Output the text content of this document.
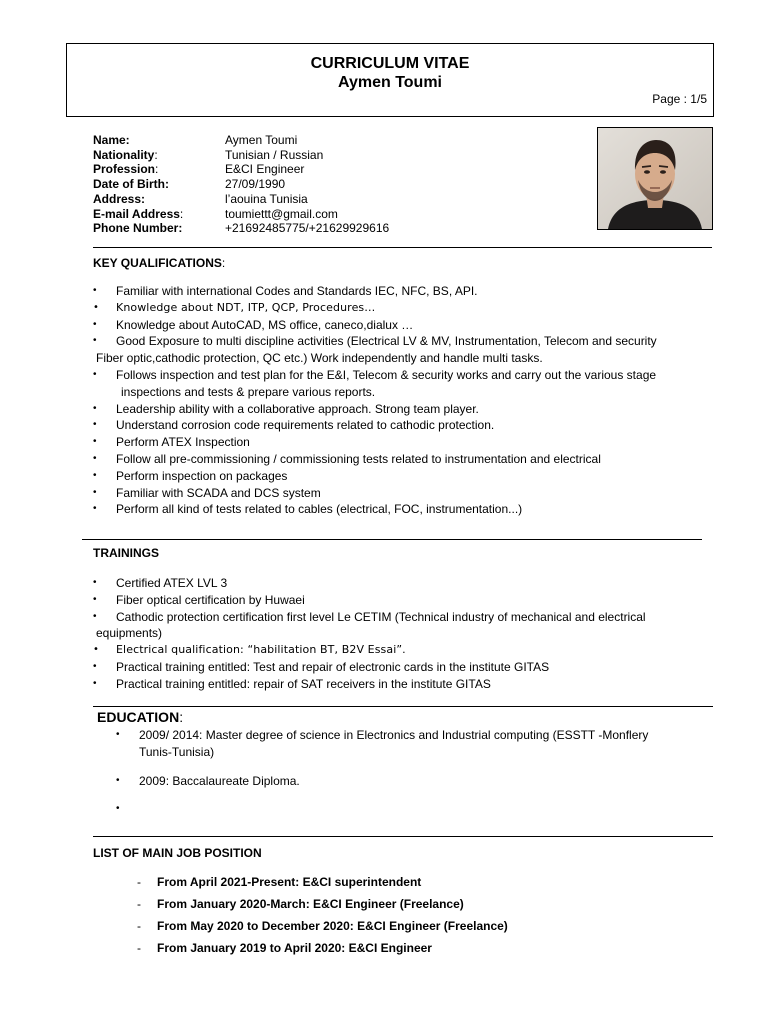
CURRICULUM VITAE
Aymen Toumi
Page : 1/5
Name:	Aymen Toumi
Nationality:	Tunisian / Russian
Profession:	E&CI Engineer
Date of Birth:	27/09/1990
Address:	l’aouina Tunisia
E-mail Address:	toumiettt@gmail.com
Phone Number:	+21692485775/+21629929616
KEY QUALIFICATIONS:
• Familiar with international Codes and Standards IEC, NFC, BS, API.
• Knowledge about NDT, ITP, QCP, Procedures…
• Knowledge about AutoCAD, MS office, caneco,dialux …
• Good Exposure to multi discipline activities (Electrical LV & MV, Instrumentation, Telecom and security
Fiber optic,cathodic protection, QC etc.) Work independently and handle multi tasks.
• Follows inspection and test plan for the E&I, Telecom & security works and carry out the various stage
inspections and tests & prepare various reports.
• Leadership ability with a collaborative approach. Strong team player.
• Understand corrosion code requirements related to cathodic protection.
• Perform ATEX Inspection
• Follow all pre-commissioning / commissioning tests related to instrumentation and electrical
• Perform inspection on packages
• Familiar with SCADA and DCS system
• Perform all kind of tests related to cables (electrical, FOC, instrumentation...)
TRAININGS
• Certified ATEX LVL 3
• Fiber optical certification by Huwaei
• Cathodic protection certification first level Le CETIM (Technical industry of mechanical and electrical
equipments)
• Electrical qualification: “habilitation BT, B2V Essai”.
• Practical training entitled: Test and repair of electronic cards in the institute GITAS
• Practical training entitled: repair of SAT receivers in the institute GITAS
EDUCATION:
• 2009/ 2014: Master degree of science in Electronics and Industrial computing (ESSTT -Monflery
Tunis-Tunisia)
• 2009: Baccalaureate Diploma.
•
LIST OF MAIN JOB POSITION
- From April 2021-Present: E&CI superintendent
- From January 2020-March: E&CI Engineer (Freelance)
- From May 2020 to December 2020: E&CI Engineer (Freelance)
- From January 2019 to April 2020: E&CI Engineer
